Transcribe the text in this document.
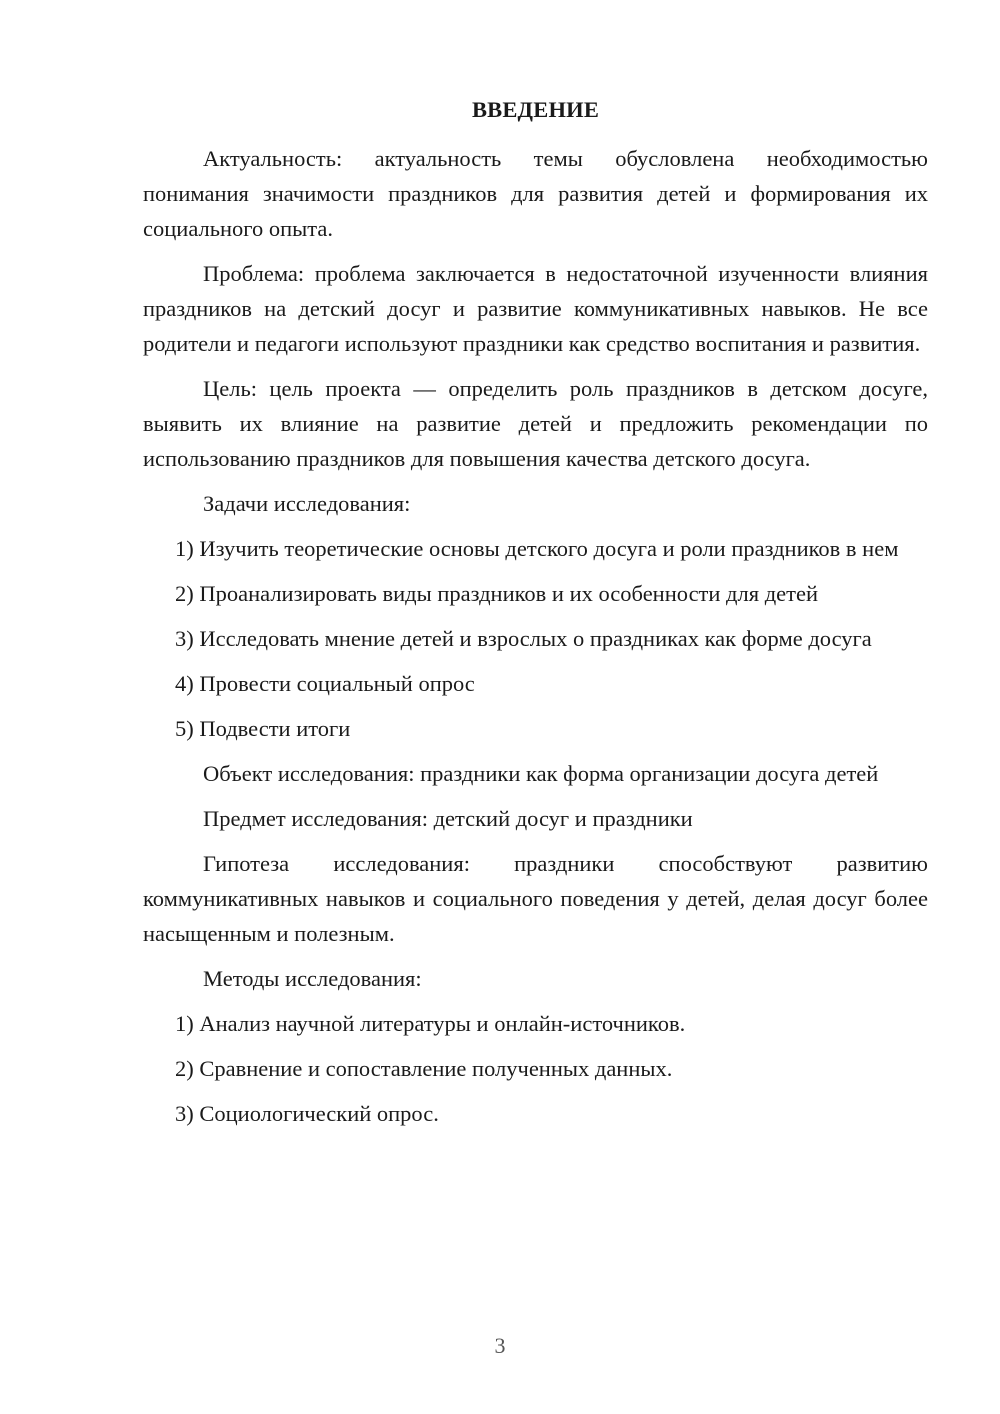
ВВЕДЕНИЕ

Актуальность: актуальность темы обусловлена необходимостью понимания значимости праздников для развития детей и формирования их социального опыта.

Проблема: проблема заключается в недостаточной изученности влияния праздников на детский досуг и развитие коммуникативных навыков. Не все родители и педагоги используют праздники как средство воспитания и развития.

Цель: цель проекта — определить роль праздников в детском досуге, выявить их влияние на развитие детей и предложить рекомендации по использованию праздников для повышения качества детского досуга.

Задачи исследования:

1) Изучить теоретические основы детского досуга и роли праздников в нем

2) Проанализировать виды праздников и их особенности для детей

3) Исследовать мнение детей и взрослых о праздниках как форме досуга

4) Провести социальный опрос

5) Подвести итоги

Объект исследования: праздники как форма организации досуга детей

Предмет исследования: детский досуг и праздники

Гипотеза исследования: праздники способствуют развитию коммуникативных навыков и социального поведения у детей, делая досуг более насыщенным и полезным.

Методы исследования:

1) Анализ научной литературы и онлайн-источников.

2) Сравнение и сопоставление полученных данных.

3) Социологический опрос.

3
